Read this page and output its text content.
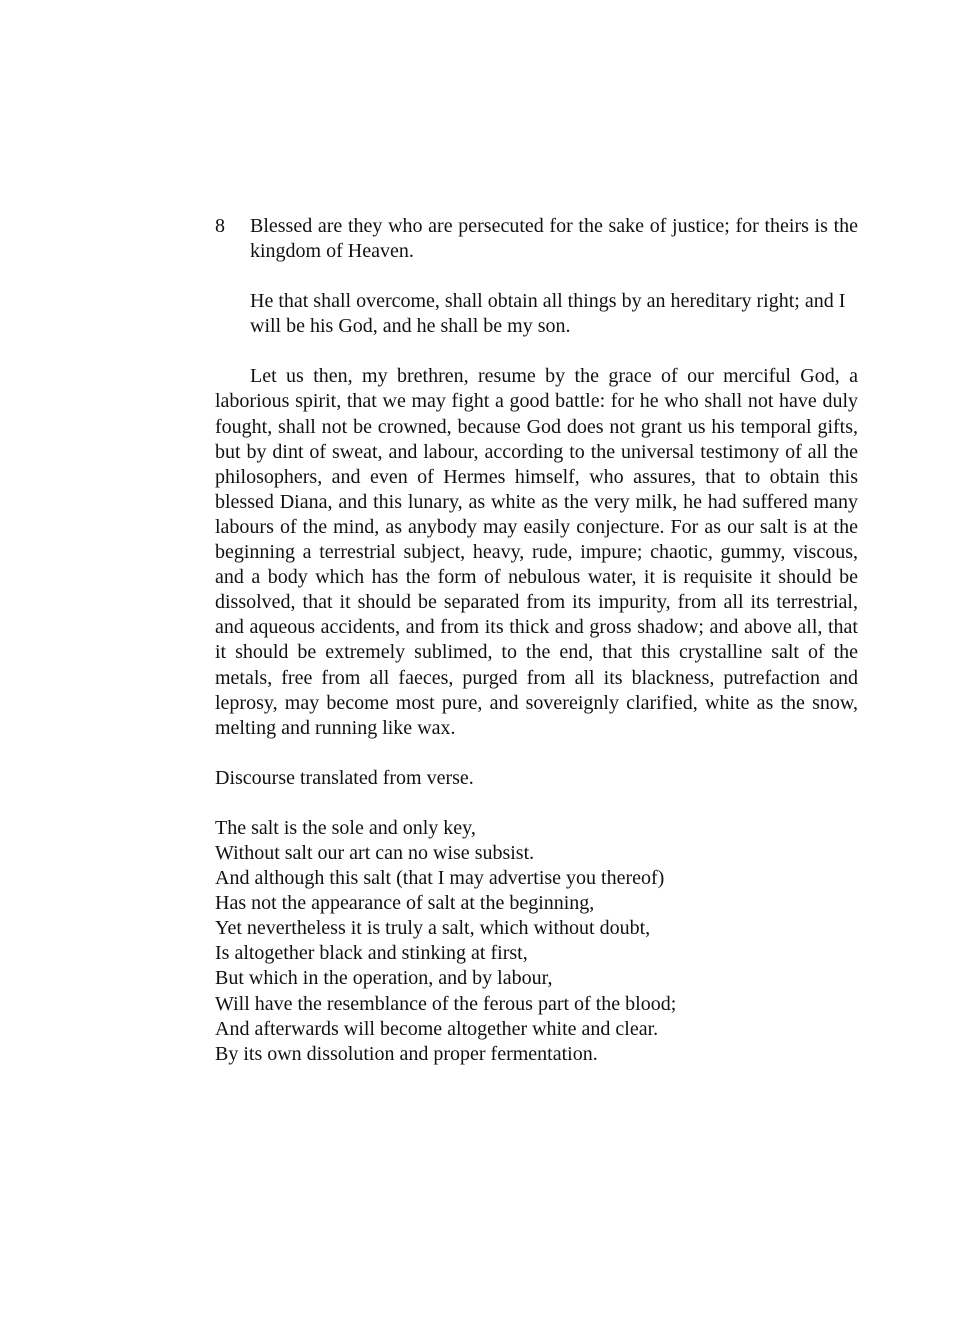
8 Blessed are they who are persecuted for the sake of justice; for theirs is the kingdom of Heaven.

He that shall overcome, shall obtain all things by an hereditary right; and I will be his God, and he shall be my son.

Let us then, my brethren, resume by the grace of our merciful God, a laborious spirit, that we may fight a good battle: for he who shall not have duly fought, shall not be crowned, because God does not grant us his temporal gifts, but by dint of sweat, and labour, according to the universal testimony of all the philosophers, and even of Hermes himself, who assures, that to obtain this blessed Diana, and this lunary, as white as the very milk, he had suffered many labours of the mind, as anybody may easily conjecture. For as our salt is at the beginning a terrestrial subject, heavy, rude, impure; chaotic, gummy, viscous, and a body which has the form of nebulous water, it is requisite it should be dissolved, that it should be separated from its impurity, from all its terrestrial, and aqueous accidents, and from its thick and gross shadow; and above all, that it should be extremely sublimed, to the end, that this crystalline salt of the metals, free from all faeces, purged from all its blackness, putrefaction and leprosy, may become most pure, and sovereignly clarified, white as the snow, melting and running like wax.

Discourse translated from verse.

The salt is the sole and only key,
Without salt our art can no wise subsist.
And although this salt (that I may advertise you thereof)
Has not the appearance of salt at the beginning,
Yet nevertheless it is truly a salt, which without doubt,
Is altogether black and stinking at first,
But which in the operation, and by labour,
Will have the resemblance of the ferous part of the blood;
And afterwards will become altogether white and clear.
By its own dissolution and proper fermentation.
